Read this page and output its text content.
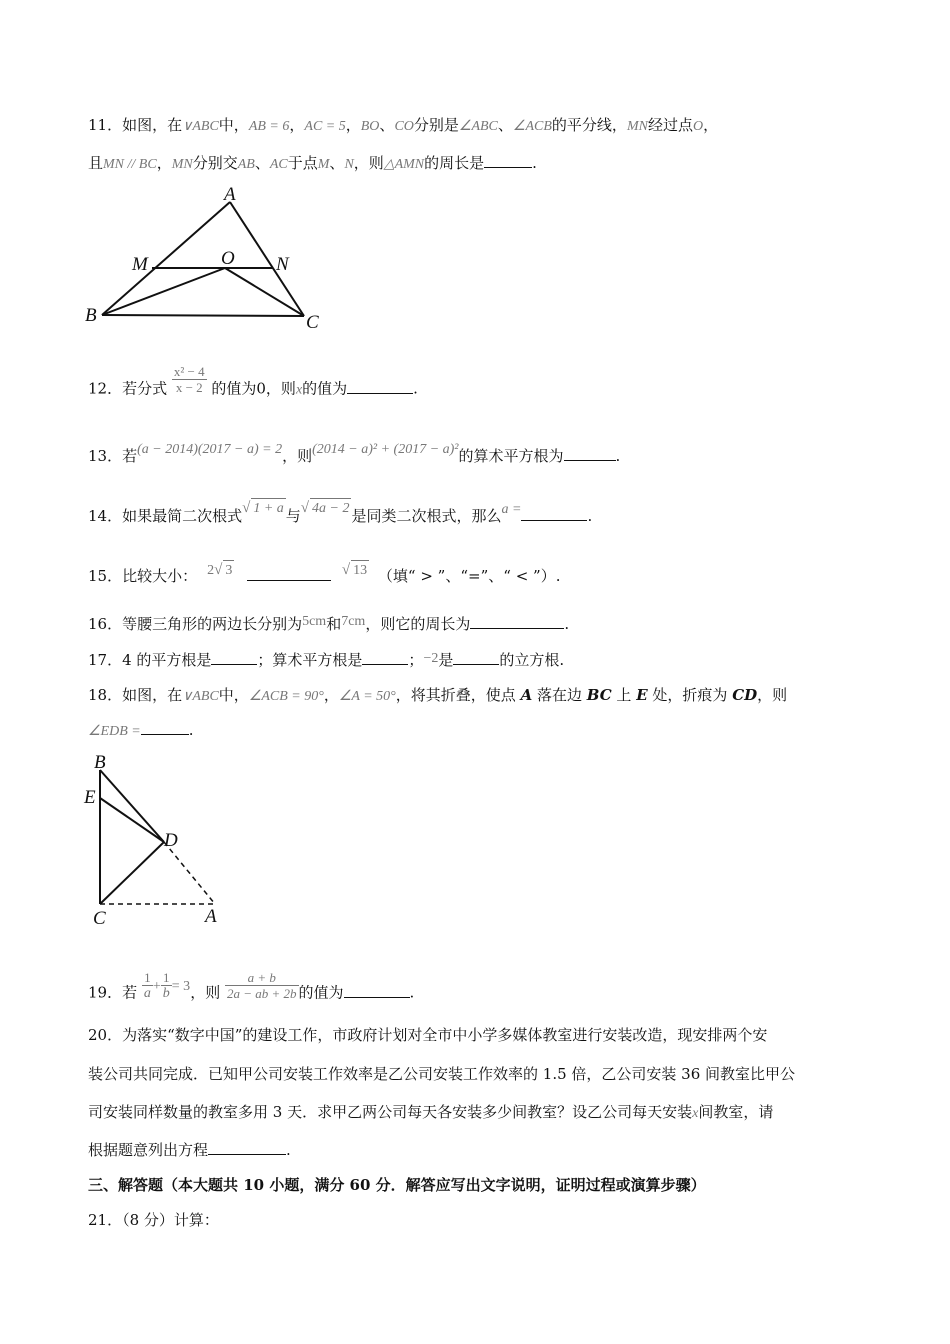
11．如图，在∨ABC中，AB = 6，AC = 5，BO、CO分别是∠ABC、∠ACB的平分线，MN经过点O，
且MN // BC，MN分别交AB、AC于点M、N，则△AMN的周长是	.
A
M	O N
B	C
12．若分式 $\frac{\text{x² − 4}}{x - 2}$ 的值为0，则x的值为	.
13．若(a − 2014)(2017 − a) = 2，则(2014 − a)² + (2017 − a)²的算术平方根为	.
14．如果最简二次根式√ 1 + a 与√ 4a − 2 是同类二次根式，那么a =	.
15．比较大小： 2√ 3	√ 13 （填“ > ”、“=”、“ < ”）.
16．等腰三角形的两边长分别为5cm和7cm，则它的周长为	.
17．4 的平方根是	；算术平方根是	；−2是	的立方根.
18．如图，在∨ABC中，∠ACB = 90°，∠A = 50°，将其折叠，使点 A 落在边 BC 上 E 处，折痕为 CD，则
∠EDB =	.
B
E
D
C	A
19．若 $\frac{1}{a} + \frac{1}{b} = 3$，则 $\frac{a + b}{2a - ab + 2b}$ 的值为	.
20．为落实“数字中国”的建设工作，市政府计划对全市中小学多媒体教室进行安装改造，现安排两个安
装公司共同完成．已知甲公司安装工作效率是乙公司安装工作效率的 1.5 倍，乙公司安装 36 间教室比甲公
司安装同样数量的教室多用 3 天．求甲乙两公司每天各安装多少间教室？设乙公司每天安装x间教室，请
根据题意列出方程	.
三、解答题（本大题共 10 小题，满分 60 分．解答应写出文字说明，证明过程或演算步骤）
21．（8 分）计算：
